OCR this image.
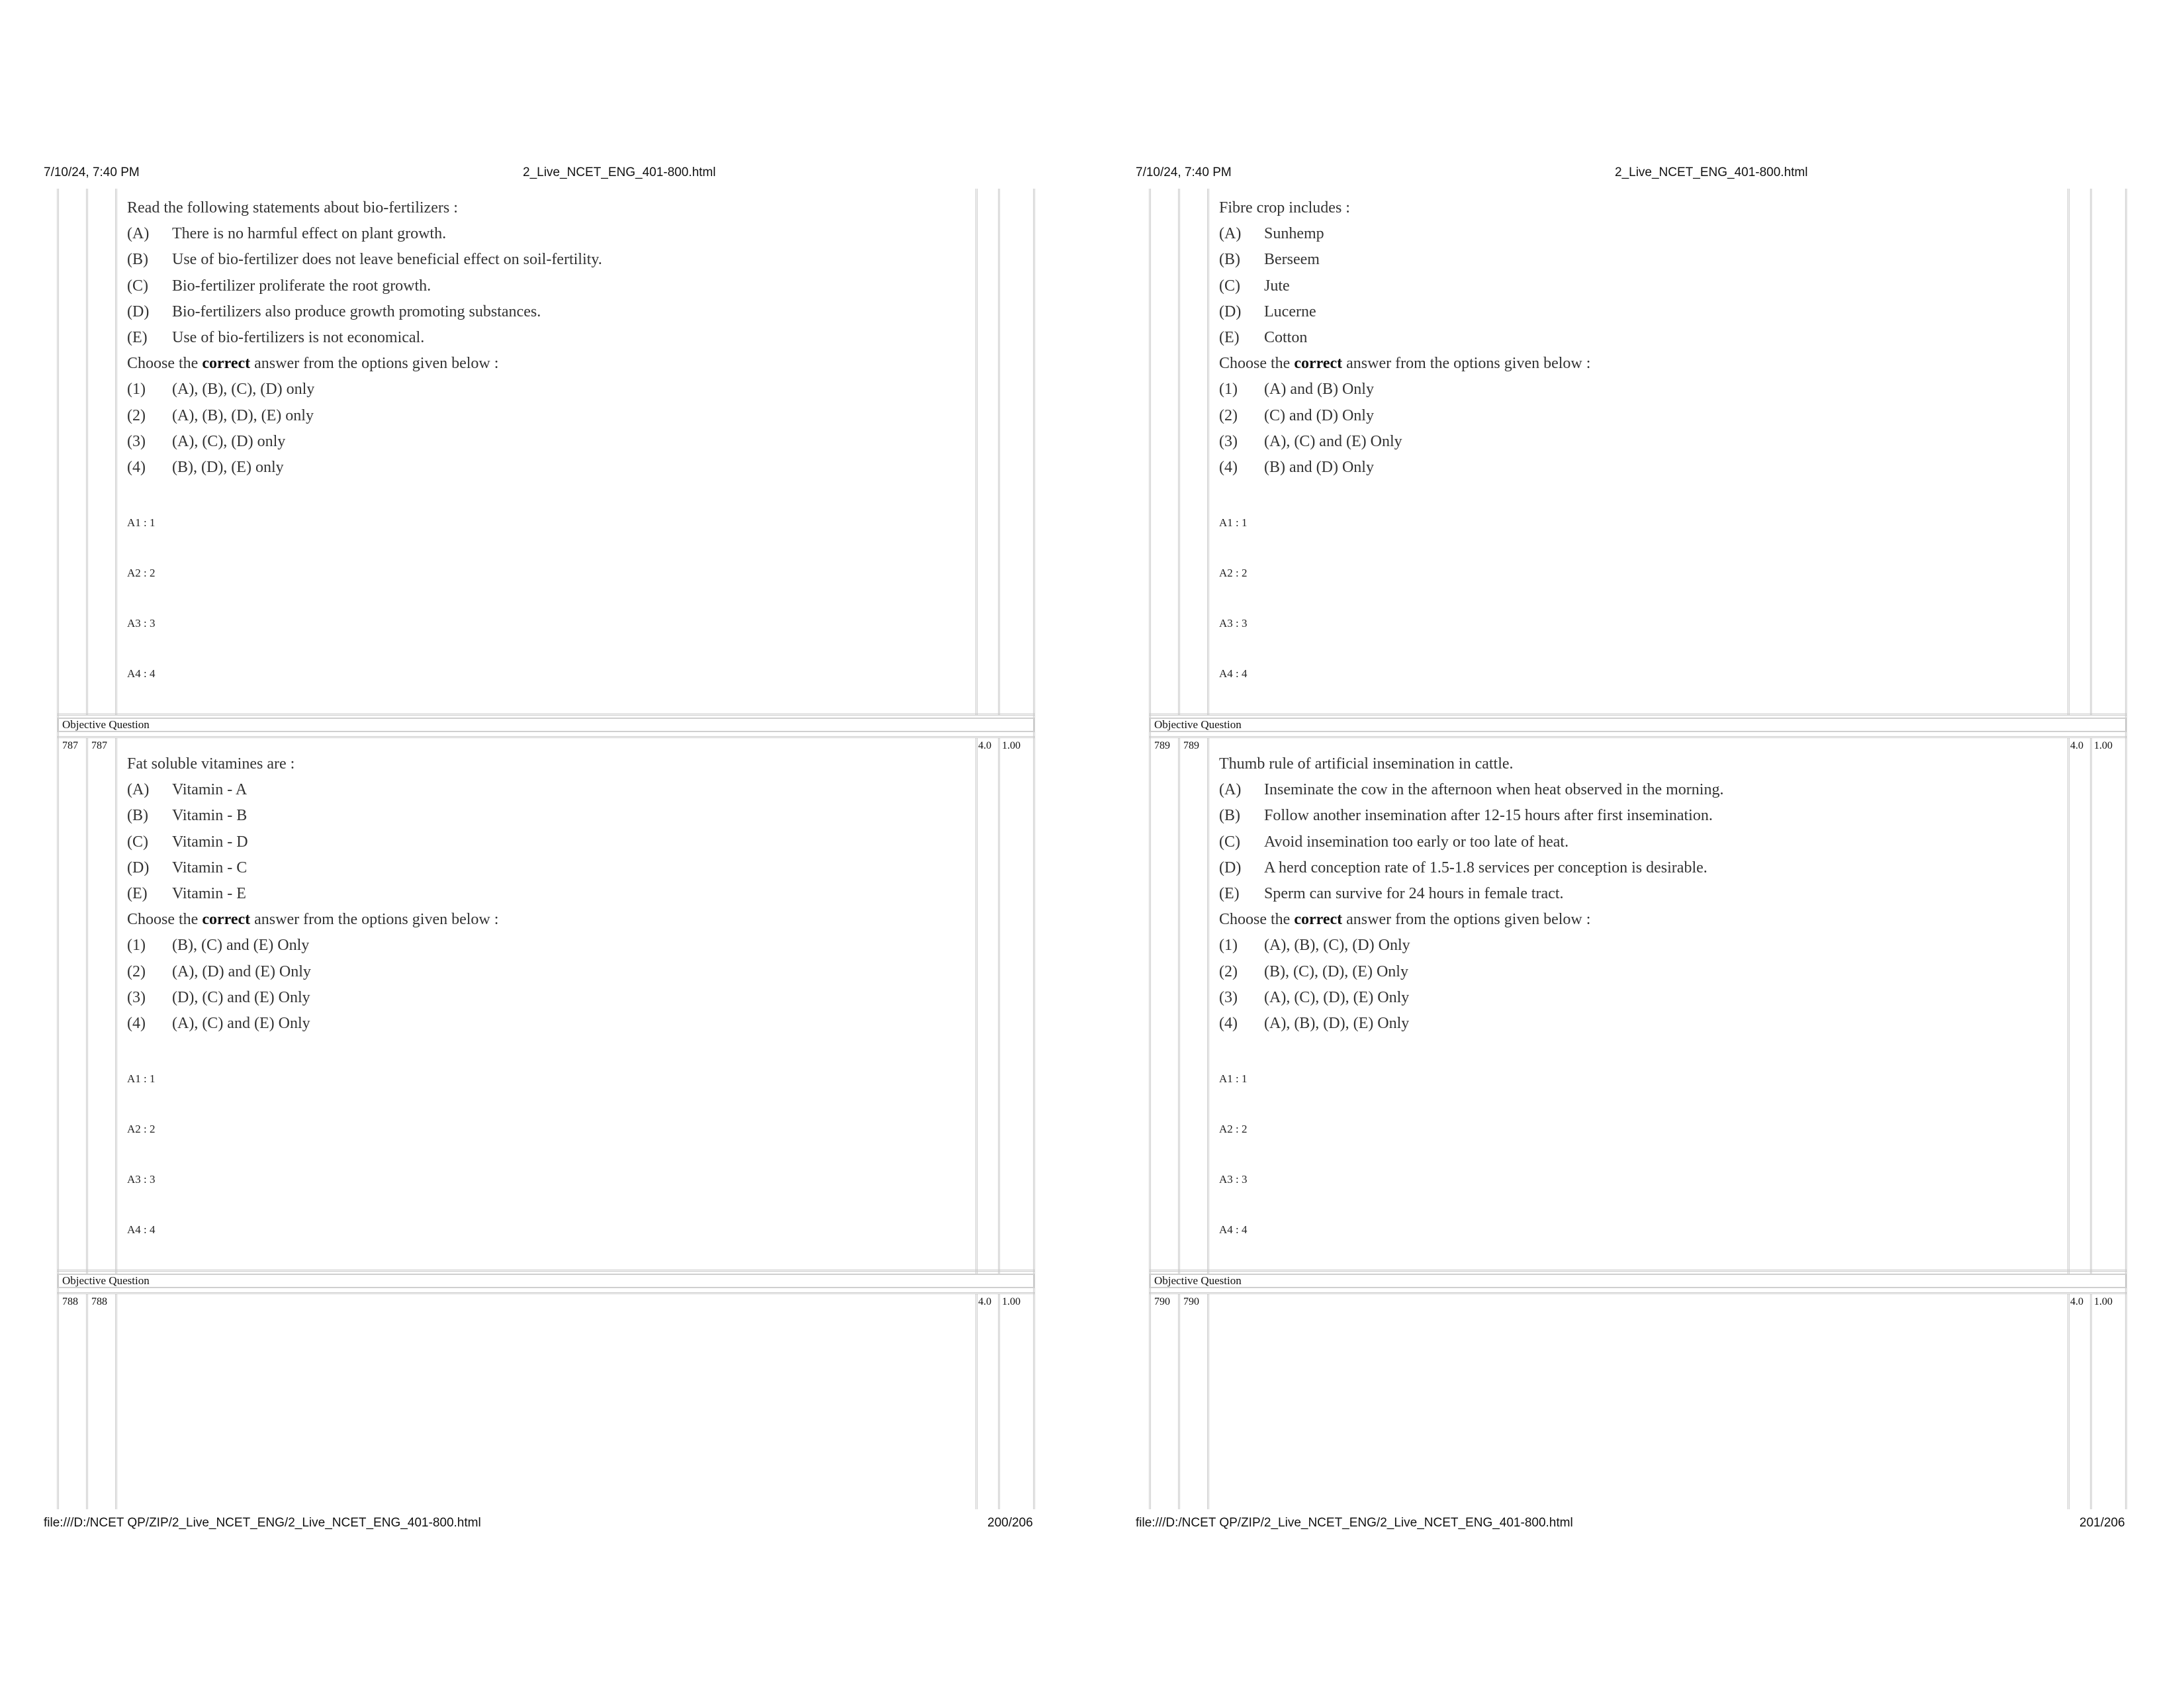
7/10/24, 7:40 PM	2_Live_NCET_ENG_401-800.html
Objective Question
Objective Question
Read the following statements about bio-fertilizers :
(A) There is no harmful effect on plant growth.
(B) Use of bio-fertilizer does not leave beneficial effect on soil-fertility.
(C) Bio-fertilizer proliferate the root growth.
(D) Bio-fertilizers also produce growth promoting substances.
(E) Use of bio-fertilizers is not economical.
Choose the correct answer from the options given below :
(1) (A), (B), (C), (D) only
(2) (A), (B), (D), (E) only
(3) (A), (C), (D) only
(4) (B), (D), (E) only
A1 : 1
A2 : 2
A3 : 3
A4 : 4
787 787	4.0 1.00
Fat soluble vitamines are :
(A) Vitamin - A
(B) Vitamin - B
(C) Vitamin - D
(D) Vitamin - C
(E) Vitamin - E
Choose the correct answer from the options given below :
(1) (B), (C) and (E) Only
(2) (A), (D) and (E) Only
(3) (D), (C) and (E) Only
(4) (A), (C) and (E) Only
A1 : 1
A2 : 2
A3 : 3
A4 : 4
788 788	4.0 1.00
file:///D:/NCET QP/ZIP/2_Live_NCET_ENG/2_Live_NCET_ENG_401-800.html	200/206
7/10/24, 7:40 PM	2_Live_NCET_ENG_401-800.html
Objective Question
Objective Question
Fibre crop includes :
(A) Sunhemp
(B) Berseem
(C) Jute
(D) Lucerne
(E) Cotton
Choose the correct answer from the options given below :
(1) (A) and (B) Only
(2) (C) and (D) Only
(3) (A), (C) and (E) Only
(4) (B) and (D) Only
A1 : 1
A2 : 2
A3 : 3
A4 : 4
789 789	4.0 1.00
Thumb rule of artificial insemination in cattle.
(A) Inseminate the cow in the afternoon when heat observed in the morning.
(B) Follow another insemination after 12-15 hours after first insemination.
(C) Avoid insemination too early or too late of heat.
(D) A herd conception rate of 1.5-1.8 services per conception is desirable.
(E) Sperm can survive for 24 hours in female tract.
Choose the correct answer from the options given below :
(1) (A), (B), (C), (D) Only
(2) (B), (C), (D), (E) Only
(3) (A), (C), (D), (E) Only
(4) (A), (B), (D), (E) Only
A1 : 1
A2 : 2
A3 : 3
A4 : 4
790 790	4.0 1.00
file:///D:/NCET QP/ZIP/2_Live_NCET_ENG/2_Live_NCET_ENG_401-800.html	201/206
